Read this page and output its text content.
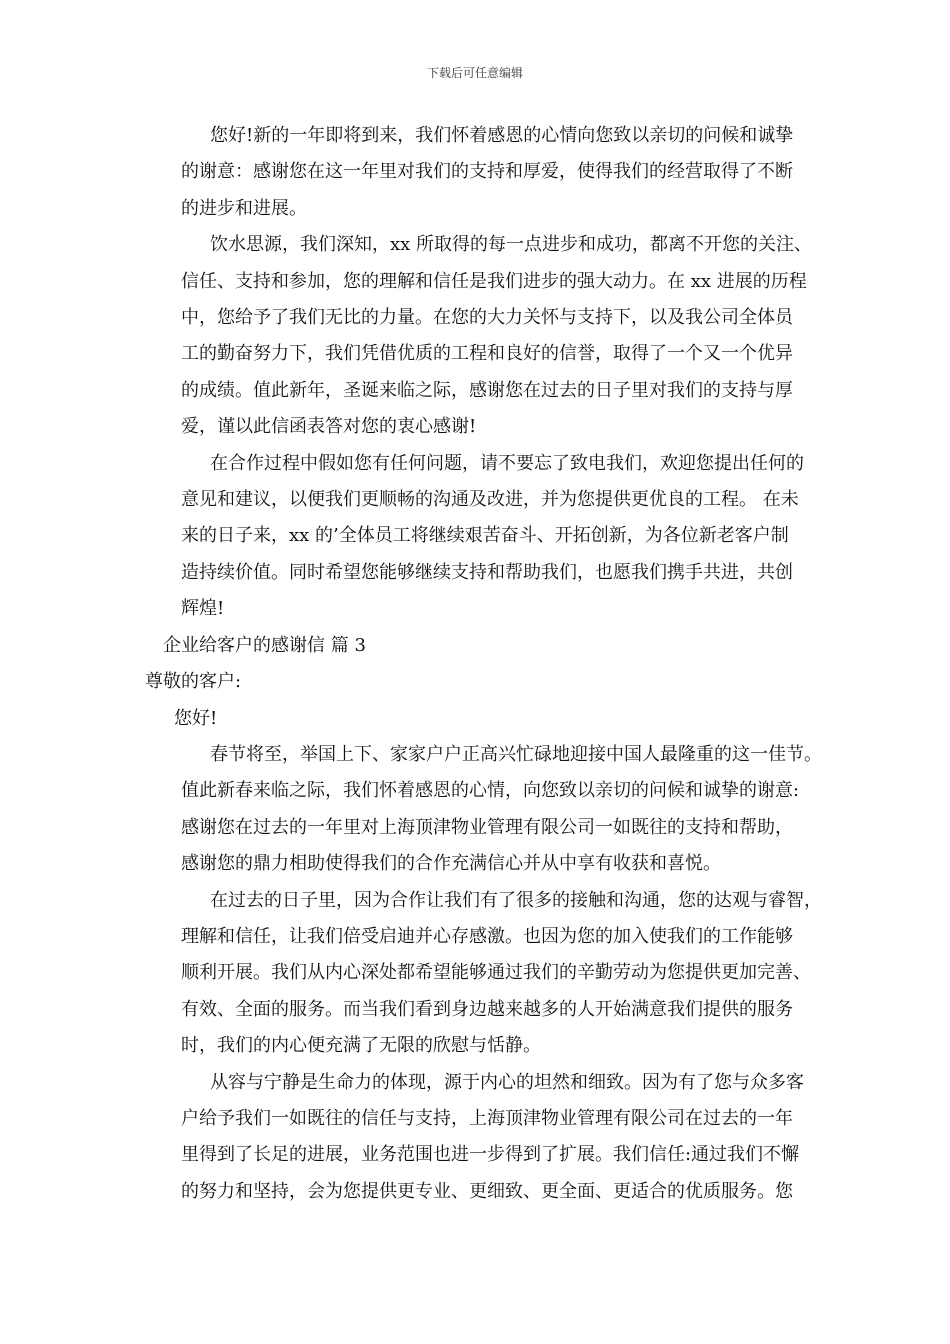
下载后可任意编辑
您好!新的一年即将到来，我们怀着感恩的心情向您致以亲切的问候和诚挚
的谢意：感谢您在这一年里对我们的支持和厚爱，使得我们的经营取得了不断
的进步和进展。
饮水思源，我们深知，xx 所取得的每一点进步和成功，都离不开您的关注、
信任、支持和参加，您的理解和信任是我们进步的强大动力。在 xx 进展的历程
中，您给予了我们无比的力量。在您的大力关怀与支持下，以及我公司全体员
工的勤奋努力下，我们凭借优质的工程和良好的信誉，取得了一个又一个优异
的成绩。值此新年，圣诞来临之际，感谢您在过去的日子里对我们的支持与厚
爱，谨以此信函表答对您的衷心感谢!
在合作过程中假如您有任何问题，请不要忘了致电我们，欢迎您提出任何的
意见和建议，以便我们更顺畅的沟通及改进，并为您提供更优良的工程。 在未
来的日子来，xx 的’全体员工将继续艰苦奋斗、开拓创新，为各位新老客户制
造持续价值。同时希望您能够继续支持和帮助我们，也愿我们携手共进，共创
辉煌!
企业给客户的感谢信 篇 3
尊敬的客户:
您好!
春节将至，举国上下、家家户户正高兴忙碌地迎接中国人最隆重的这一佳节。
值此新春来临之际，我们怀着感恩的心情，向您致以亲切的问候和诚挚的谢意:
感谢您在过去的一年里对上海顶津物业管理有限公司一如既往的支持和帮助，
感谢您的鼎力相助使得我们的合作充满信心并从中享有收获和喜悦。
在过去的日子里，因为合作让我们有了很多的接触和沟通，您的达观与睿智，
理解和信任，让我们倍受启迪并心存感激。也因为您的加入使我们的工作能够
顺利开展。我们从内心深处都希望能够通过我们的辛勤劳动为您提供更加完善、
有效、全面的服务。而当我们看到身边越来越多的人开始满意我们提供的服务
时，我们的内心便充满了无限的欣慰与恬静。
从容与宁静是生命力的体现，源于内心的坦然和细致。因为有了您与众多客
户给予我们一如既往的信任与支持，上海顶津物业管理有限公司在过去的一年
里得到了长足的进展，业务范围也进一步得到了扩展。我们信任:通过我们不懈
的努力和坚持，会为您提供更专业、更细致、更全面、更适合的优质服务。您
